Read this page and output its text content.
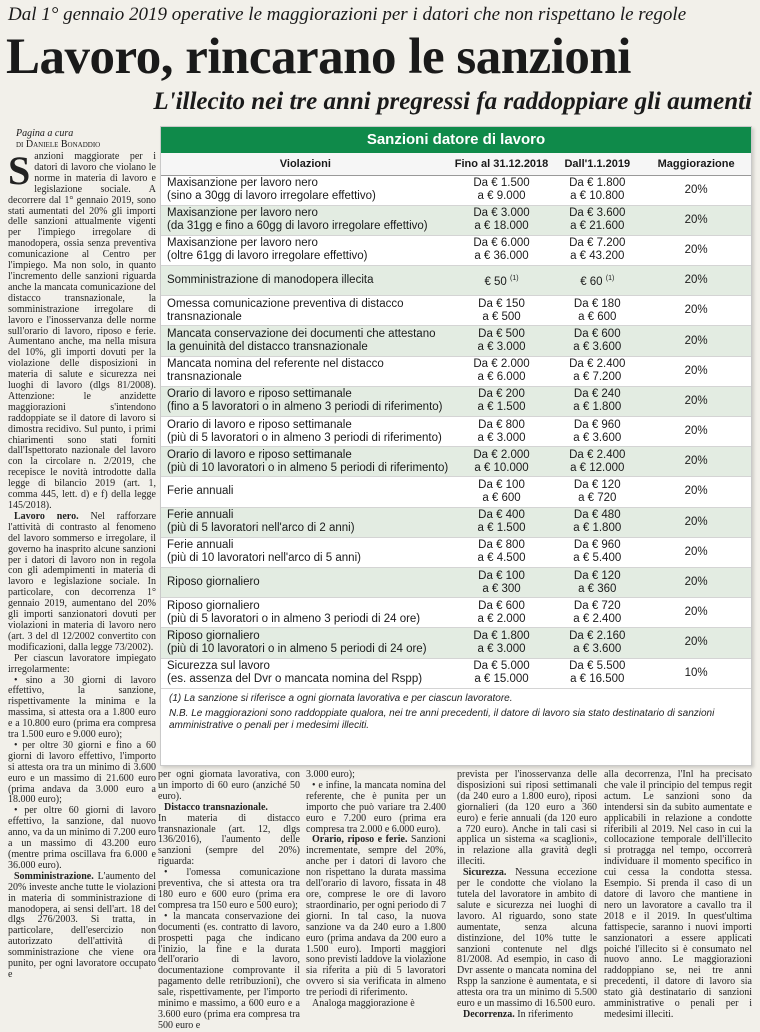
Dal 1° gennaio 2019 operative le maggiorazioni per i datori che non rispettano le regole
Lavoro, rincarano le sanzioni
L'illecito nei tre anni pregressi fa raddoppiare gli aumenti
Pagina a cura
di Daniele Bonaddio

Sanzioni maggiorate per i datori di lavoro che violano le norme in materia di lavoro e legislazione sociale. A decorrere dal 1° gennaio 2019, sono stati aumentati del 20% gli importi delle sanzioni attualmente vigenti per l'impiego irregolare di manodopera, ossia senza preventiva comunicazione al Centro per l'impiego. Ma non solo, in quanto l'incremento delle sanzioni riguarda anche la mancata comunicazione del distacco transnazionale, la somministrazione irregolare di lavoro e l'inosservanza delle norme sull'orario di lavoro, riposo e ferie. Aumentano anche, ma nella misura del 10%, gli importi dovuti per la violazione delle disposizioni in materia di salute e sicurezza nei luoghi di lavoro (dlgs 81/2008). Attenzione: le anzidette maggiorazioni s'intendono raddoppiate se il datore di lavoro si dimostra recidivo. Sul punto, i primi chiarimenti sono stati forniti dall'Ispettorato nazionale del lavoro con la circolare n. 2/2019, che recepisce le novità introdotte dalla legge di bilancio 2019 (art. 1, comma 445, lett. d) e f) della legge 145/2018).

Lavoro nero. Nel rafforzare l'attività di contrasto al fenomeno del lavoro sommerso e irregolare, il governo ha inasprito alcune sanzioni per i datori di lavoro non in regola con gli adempimenti in materia di lavoro e legislazione sociale. In particolare, con decorrenza 1° gennaio 2019, aumentano del 20% gli importi sanzionatori dovuti per violazioni in materia di lavoro nero (art. 3 del dl 12/2002 convertito con modificazioni, dalla legge 73/2002).

Per ciascun lavoratore impiegato irregolarmente:

• sino a 30 giorni di lavoro effettivo, la sanzione, rispettivamente la minima e la massima, si attesta ora a 1.800 euro e a 10.800 euro (prima era compresa tra 1.500 euro e 9.000 euro);

• per oltre 30 giorni e fino a 60 giorni di lavoro effettivo, l'importo si attesta ora tra un minimo di 3.600 euro e un massimo di 21.600 euro (prima andava da 3.000 euro a 18.000 euro);

• per oltre 60 giorni di lavoro effettivo, la sanzione, dal nuovo anno, va da un minimo di 7.200 euro a un massimo di 43.200 euro (mentre prima oscillava fra 6.000 e 36.000 euro).

Somministrazione. L'aumento del 20% investe anche tutte le violazioni in materia di somministrazione di manodopera, ai sensi dell'art. 18 del dlgs 276/2003. Si tratta, in particolare, dell'esercizio non autorizzato dell'attività di somministrazione che viene ora punito, per ogni lavoratore occupato e

per ogni giornata lavorativa, con un importo di 60 euro (anziché 50 euro).

Distacco transnazionale.

In materia di distacco transnazionale (art. 12, dlgs 136/2016), l'aumento delle sanzioni (sempre del 20%) riguarda:

• l'omessa comunicazione preventiva, che si attesta ora tra 180 euro e 600 euro (prima era compresa tra 150 euro e 500 euro);

• la mancata conservazione dei documenti (es. contratto di lavoro, prospetti paga che indicano l'inizio, la fine e la durata dell'orario di lavoro, documentazione comprovante il pagamento delle retribuzioni), che sale, rispettivamente, per l'importo minimo e massimo, a 600 euro e a 3.600 euro (prima era compresa tra 500 euro e

3.000 euro);

• e infine, la mancata nomina del referente, che è punita per un importo che può variare tra 2.400 euro e 7.200 euro (prima era compresa tra 2.000 e 6.000 euro).

Orario, riposo e ferie. Sanzioni incrementate, sempre del 20%, anche per i datori di lavoro che non rispettano la durata massima dell'orario di lavoro, fissata in 48 ore, comprese le ore di lavoro straordinario, per ogni periodo di 7 giorni. In tal caso, la nuova sanzione va da 240 euro a 1.800 euro (prima andava da 200 euro a 1.500 euro). Importi maggiori sono previsti laddove la violazione sia riferita a più di 5 lavoratori ovvero si sia verificata in almeno tre periodi di riferimento.

Analoga maggiorazione è

prevista per l'inosservanza delle disposizioni sui riposi settimanali (da 240 euro a 1.800 euro), riposi giornalieri (da 120 euro a 360 euro) e ferie annuali (da 120 euro a 720 euro). Anche in tali casi si applica un sistema «a scaglioni», in relazione alla gravità degli illeciti.

Sicurezza. Nessuna eccezione per le condotte che violano la tutela del lavoratore in ambito di salute e sicurezza nei luoghi di lavoro. Al riguardo, sono state aumentate, senza alcuna distinzione, del 10% tutte le sanzioni contenute nel dlgs 81/2008. Ad esempio, in caso di Dvr assente o mancata nomina del Rspp la sanzione è aumentata, e si attesta ora tra un minimo di 5.500 euro e un massimo di 16.500 euro.

Decorrenza. In riferimento

alla decorrenza, l'Inl ha precisato che vale il principio del tempus regit actum. Le sanzioni sono da intendersi sin da subito aumentate e applicabili in relazione a condotte riferibili al 2019. Nel caso in cui la collocazione temporale dell'illecito si protragga nel tempo, occorrerà individuare il momento specifico in cui cessa la condotta stessa. Esempio. Si prenda il caso di un datore di lavoro che mantiene in nero un lavoratore a cavallo tra il 2018 e il 2019. In quest'ultima fattispecie, saranno i nuovi importi sanzionatori a essere applicati poiché l'illecito si è consumato nel nuovo anno. Le maggiorazioni raddoppiano se, nei tre anni precedenti, il datore di lavoro sia stato già destinatario di sanzioni amministrative o penali per i medesimi illeciti.

Sanzioni datore di lavoro
Violazioni	Fino al 31.12.2018	Dall'1.1.2019	Maggiorazione
Maxisanzione per lavoro nero
(sino a 30gg di lavoro irregolare effettivo)	Da € 1.500
a € 9.000	Da € 1.800
a € 10.800	20%
Maxisanzione per lavoro nero
(da 31gg e fino a 60gg di lavoro irregolare effettivo)	Da € 3.000
a € 18.000	Da € 3.600
a € 21.600	20%
Maxisanzione per lavoro nero
(oltre 61gg di lavoro irregolare effettivo)	Da € 6.000
a € 36.000	Da € 7.200
a € 43.200	20%
Somministrazione di manodopera illecita	€ 50 $^{(1)}$	€ 60 $^{(1)}$	20%
Omessa comunicazione preventiva di distacco
transnazionale	Da € 150
a € 500	Da € 180
a € 600	20%
Mancata conservazione dei documenti che attestano
la genuinità del distacco transnazionale	Da € 500
a € 3.000	Da € 600
a € 3.600	20%
Mancata nomina del referente nel distacco
transnazionale	Da € 2.000
a € 6.000	Da € 2.400
a € 7.200	20%
Orario di lavoro e riposo settimanale
(fino a 5 lavoratori o in almeno 3 periodi di riferimento)	Da € 200
a € 1.500	Da € 240
a € 1.800	20%
Orario di lavoro e riposo settimanale
(più di 5 lavoratori o in almeno 3 periodi di riferimento)	Da € 800
a € 3.000	Da € 960
a € 3.600	20%
Orario di lavoro e riposo settimanale
(più di 10 lavoratori o in almeno 5 periodi di riferimento)	Da € 2.000
a € 10.000	Da € 2.400
a € 12.000	20%
Ferie annuali	Da € 100
a € 600	Da € 120
a € 720	20%
Ferie annuali
(più di 5 lavoratori nell'arco di 2 anni)	Da € 400
a € 1.500	Da € 480
a € 1.800	20%
Ferie annuali
(più di 10 lavoratori nell'arco di 5 anni)	Da € 800
a € 4.500	Da € 960
a € 5.400	20%
Riposo giornaliero	Da € 100
a € 300	Da € 120
a € 360	20%
Riposo giornaliero
(più di 5 lavoratori o in almeno 3 periodi di 24 ore)	Da € 600
a € 2.000	Da € 720
a € 2.400	20%
Riposo giornaliero
(più di 10 lavoratori o in almeno 5 periodi di 24 ore)	Da € 1.800
a € 3.000	Da € 2.160
a € 3.600	20%
Sicurezza sul lavoro
(es. assenza del Dvr o mancata nomina del Rspp)	Da € 5.000
a € 15.000	Da € 5.500
a € 16.500	10%

(1) La sanzione si riferisce a ogni giornata lavorativa e per ciascun lavoratore.

N.B. Le maggiorazioni sono raddoppiate qualora, nei tre anni precedenti, il datore di lavoro sia stato destinatario di sanzioni amministrative o penali per i medesimi illeciti.
